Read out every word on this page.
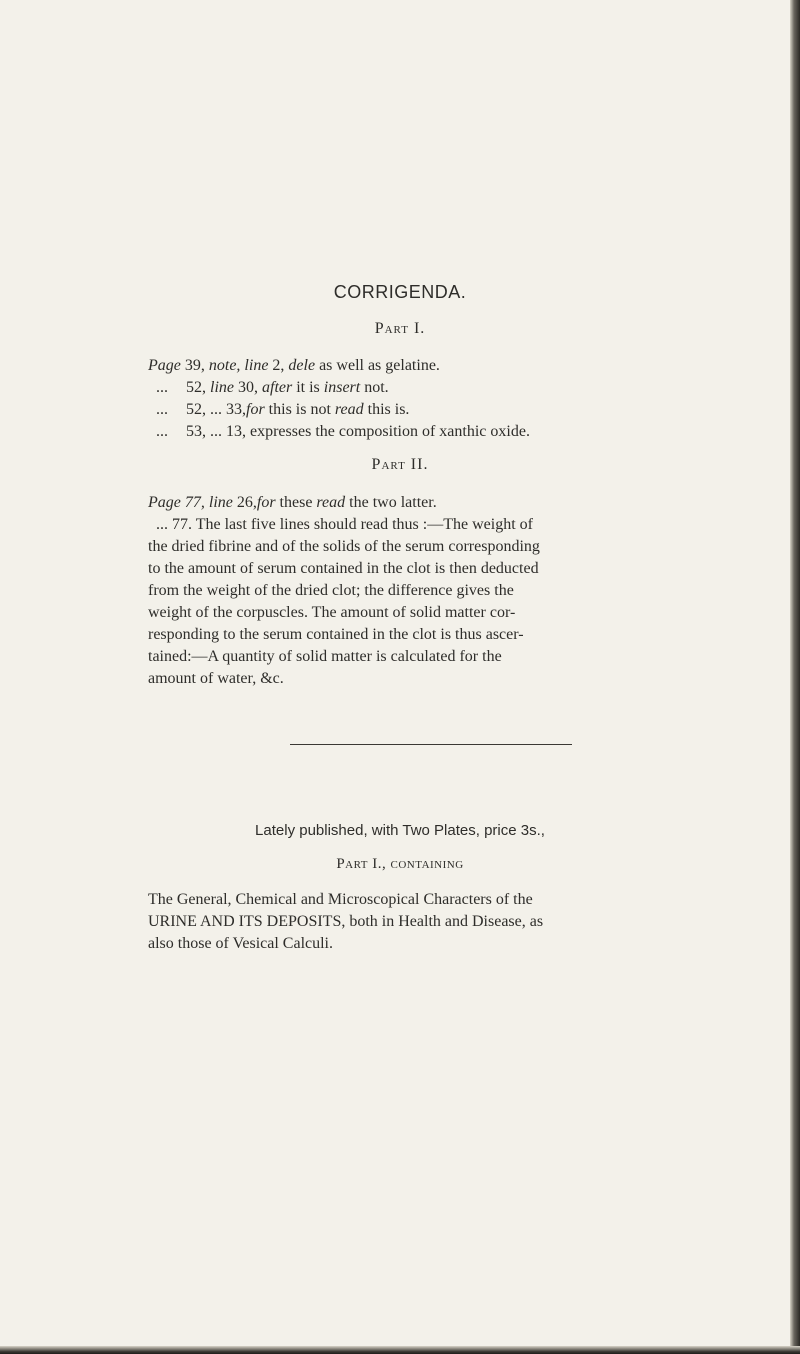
CORRIGENDA.
Part I.
Page 39, note, line 2, dele as well as gelatine.
... 52, line 30, after it is insert not.
... 52, ... 33,for this is not read this is.
... 53, ... 13, expresses the composition of xanthic oxide.
Part II.
Page 77, line 26,for these read the two latter.
... 77. The last five lines should read thus :—The weight of
the dried fibrine and of the solids of the serum corresponding
to the amount of serum contained in the clot is then deducted
from the weight of the dried clot; the difference gives the
weight of the corpuscles. The amount of solid matter cor-
responding to the serum contained in the clot is thus ascer-
tained:—A quantity of solid matter is calculated for the
amount of water, &c.
Lately published, with Two Plates, price 3s.,
Part I., containing
The General, Chemical and Microscopical Characters of the
URINE AND ITS DEPOSITS, both in Health and Disease, as
also those of Vesical Calculi.
